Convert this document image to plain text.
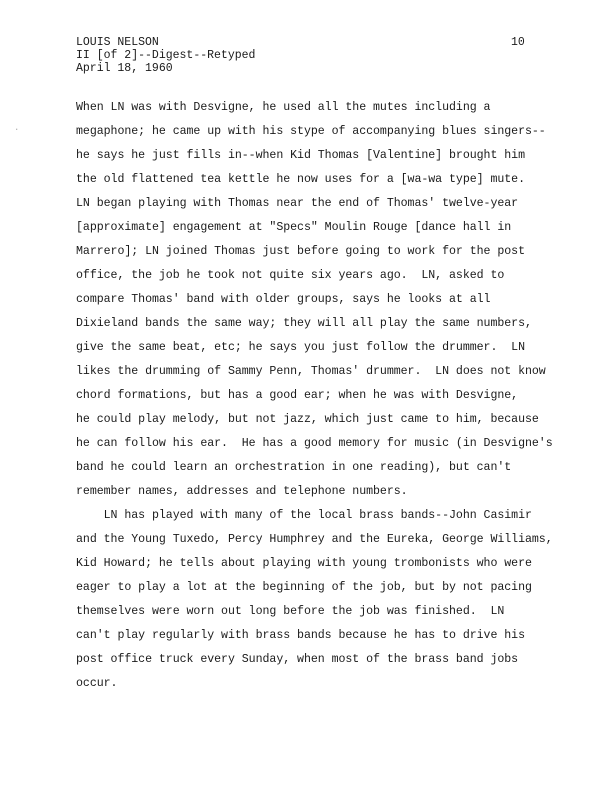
LOUIS NELSON
II [of 2]--Digest--Retyped
April 18, 1960
10
·
When LN was with Desvigne, he used all the mutes including a
megaphone; he came up with his stype of accompanying blues singers--
he says he just fills in--when Kid Thomas [Valentine] brought him
the old flattened tea kettle he now uses for a [wa-wa type] mute.
LN began playing with Thomas near the end of Thomas' twelve-year
[approximate] engagement at "Specs" Moulin Rouge [dance hall in
Marrero]; LN joined Thomas just before going to work for the post
office, the job he took not quite six years ago.  LN, asked to
compare Thomas' band with older groups, says he looks at all
Dixieland bands the same way; they will all play the same numbers,
give the same beat, etc; he says you just follow the drummer.  LN
likes the drumming of Sammy Penn, Thomas' drummer.  LN does not know
chord formations, but has a good ear; when he was with Desvigne,
he could play melody, but not jazz, which just came to him, because
he can follow his ear.  He has a good memory for music (in Desvigne's
band he could learn an orchestration in one reading), but can't
remember names, addresses and telephone numbers.
LN has played with many of the local brass bands--John Casimir
and the Young Tuxedo, Percy Humphrey and the Eureka, George Williams,
Kid Howard; he tells about playing with young trombonists who were
eager to play a lot at the beginning of the job, but by not pacing
themselves were worn out long before the job was finished.  LN
can't play regularly with brass bands because he has to drive his
post office truck every Sunday, when most of the brass band jobs
occur.
